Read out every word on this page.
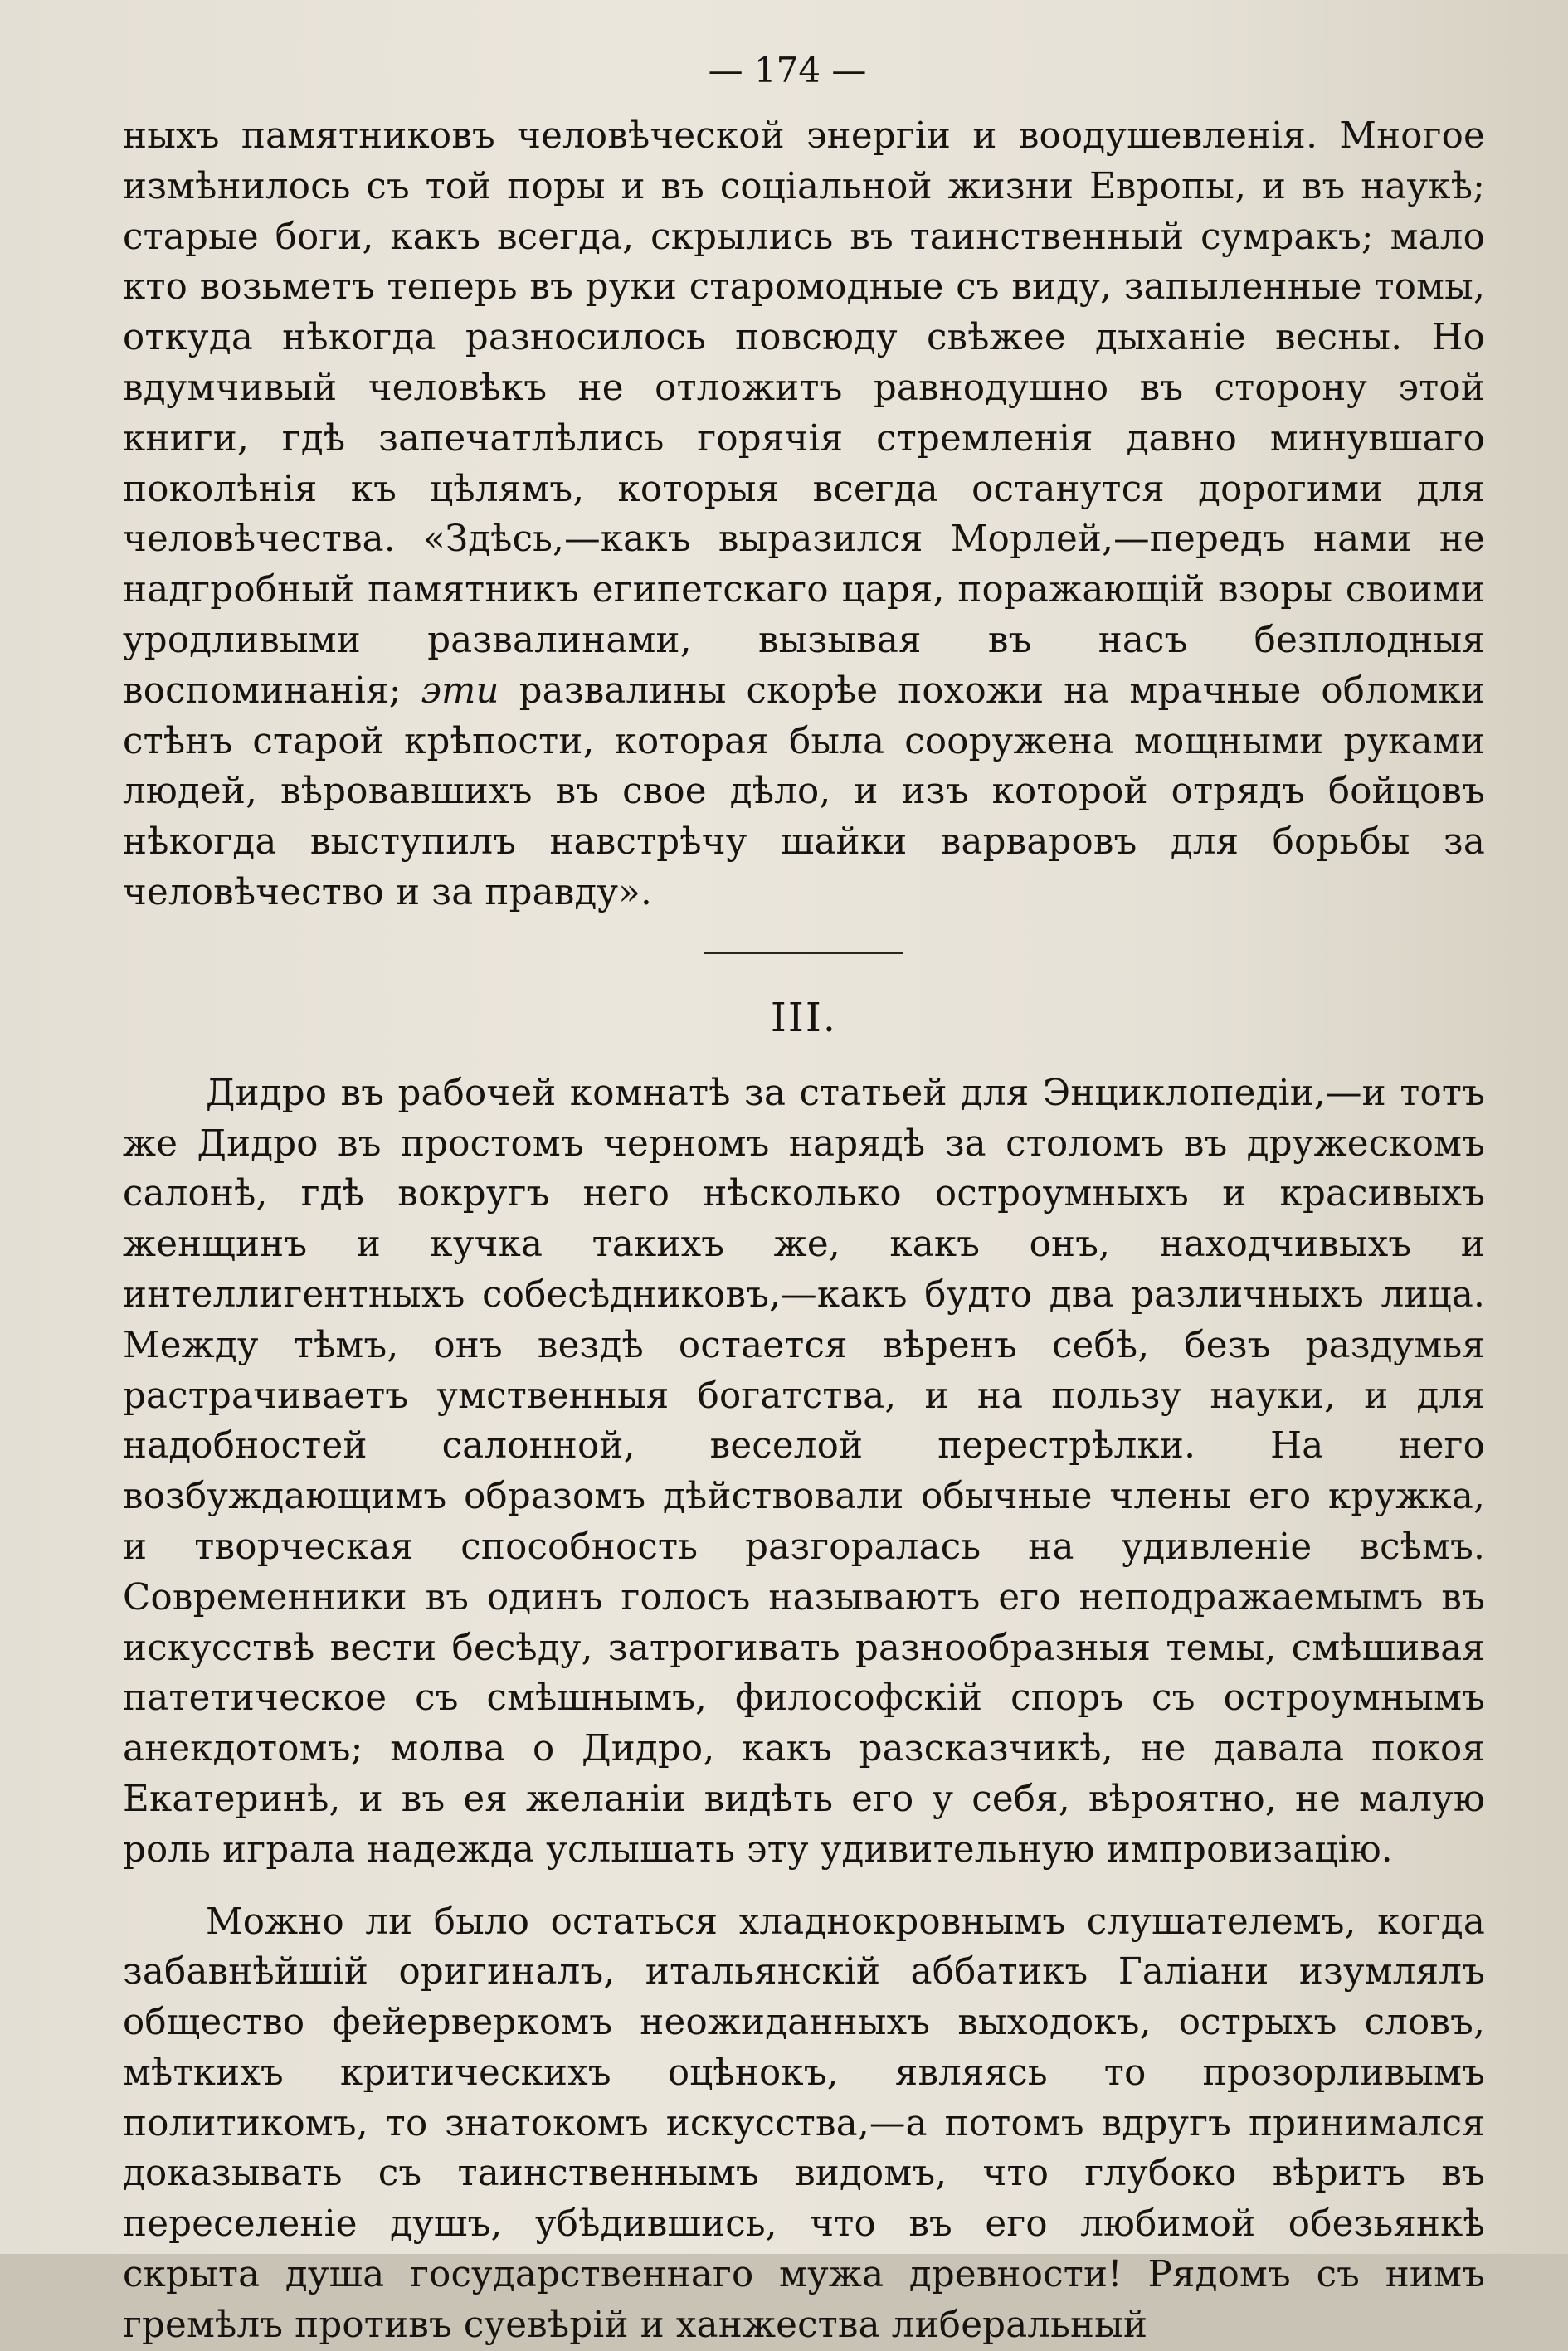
— 174 —

ныхъ памятниковъ человѣческой энергiи и воодушевленiя. Многое измѣнилось съ той поры и въ соцiальной жизни Европы, и въ наукѣ; старые боги, какъ всегда, скрылись въ таинственный сумракъ; мало кто возьметъ теперь въ руки старомодные съ виду, запыленные томы, откуда нѣкогда разносилось повсюду свѣжее дыханiе весны. Но вдумчивый человѣкъ не отложитъ равнодушно въ сторону этой книги, гдѣ запечатлѣлись горячiя стремленiя давно минувшаго поколѣнiя къ цѣлямъ, которыя всегда останутся дорогими для человѣчества. «Здѣсь,—какъ выразился Морлей,—передъ нами не надгробный памятникъ египетскаго царя, поражающiй взоры своими уродливыми развалинами, вызывая въ насъ безплодныя воспоминанiя; эти развалины скорѣе похожи на мрачные обломки стѣнъ старой крѣпости, которая была сооружена мощными руками людей, вѣровавшихъ въ свое дѣло, и изъ которой отрядъ бойцовъ нѣкогда выступилъ навстрѣчу шайки варваровъ для борьбы за человѣчество и за правду».

III.

Дидро въ рабочей комнатѣ за статьей для Энциклопедiи,—и тотъ же Дидро въ простомъ черномъ нарядѣ за столомъ въ дружескомъ салонѣ, гдѣ вокругъ него нѣсколько остроумныхъ и красивыхъ женщинъ и кучка такихъ же, какъ онъ, находчивыхъ и интеллигентныхъ собесѣдниковъ,—какъ будто два различныхъ лица. Между тѣмъ, онъ вездѣ остается вѣренъ себѣ, безъ раздумья растрачиваетъ умственныя богатства, и на пользу науки, и для надобностей салонной, веселой перестрѣлки. На него возбуждающимъ образомъ дѣйствовали обычные члены его кружка, и творческая способность разгоралась на удивленiе всѣмъ. Современники въ одинъ голосъ называютъ его неподражаемымъ въ искусствѣ вести бесѣду, затрогивать разнообразныя темы, смѣшивая патетическое съ смѣшнымъ, философскiй споръ съ остроумнымъ анекдотомъ; молва о Дидро, какъ разсказчикѣ, не давала покоя Екатеринѣ, и въ ея желанiи видѣть его у себя, вѣроятно, не малую роль играла надежда услышать эту удивительную импровизацiю.

Можно ли было остаться хладнокровнымъ слушателемъ, когда забавнѣйшiй оригиналъ, итальянскiй аббатикъ Галiани изумлялъ общество фейерверкомъ неожиданныхъ выходокъ, острыхъ словъ, мѣткихъ критическихъ оцѣнокъ, являясь то прозорливымъ политикомъ, то знатокомъ искусства,—а потомъ вдругъ принимался доказывать съ таинственнымъ видомъ, что глубоко вѣритъ въ переселенiе душъ, убѣдившись, что въ его любимой обезьянкѣ скрыта душа государственнаго мужа древности! Рядомъ съ нимъ гремѣлъ противъ суевѣрiй и ханжества либеральный
